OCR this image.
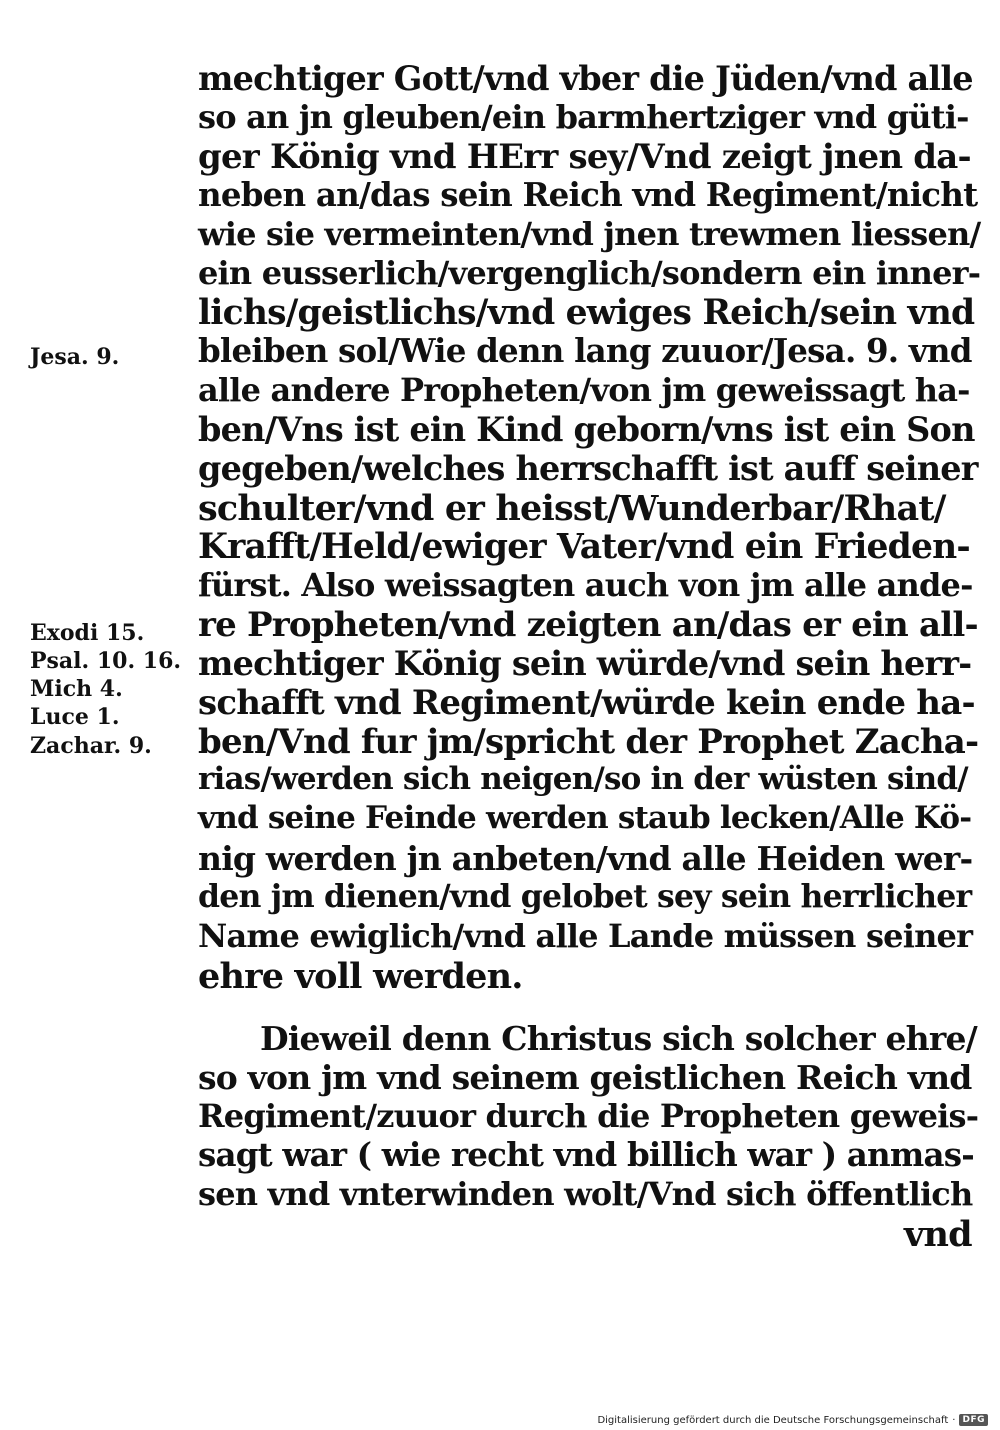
Jesa. 9.
Exodi 15.
Psal. 10. 16.
Mich 4.
Luce 1.
Zachar. 9.
mechtiger Gott/vnd vber die Jüden/vnd alle
so an jn gleuben/ein barmhertziger vnd güti-
ger König vnd HErr sey/Vnd zeigt jnen da-
neben an/das sein Reich vnd Regiment/nicht
wie sie vermeinten/vnd jnen trewmen liessen/
ein eusserlich/vergenglich/sondern ein inner-
lichs/geistlichs/vnd ewiges Reich/sein vnd
bleiben sol/Wie denn lang zuuor/Jesa. 9. vnd
alle andere Propheten/von jm geweissagt ha-
ben/Vns ist ein Kind geborn/vns ist ein Son
gegeben/welches herrschafft ist auff seiner
schulter/vnd er heisst/Wunderbar/Rhat/
Krafft/Held/ewiger Vater/vnd ein Frieden-
fürst. Also weissagten auch von jm alle ande-
re Propheten/vnd zeigten an/das er ein all-
mechtiger König sein würde/vnd sein herr-
schafft vnd Regiment/würde kein ende ha-
ben/Vnd fur jm/spricht der Prophet Zacha-
rias/werden sich neigen/so in der wüsten sind/
vnd seine Feinde werden staub lecken/Alle Kö-
nig werden jn anbeten/vnd alle Heiden wer-
den jm dienen/vnd gelobet sey sein herrlicher
Name ewiglich/vnd alle Lande müssen seiner
ehre voll werden.
Dieweil denn Christus sich solcher ehre/
so von jm vnd seinem geistlichen Reich vnd
Regiment/zuuor durch die Propheten geweis-
sagt war ( wie recht vnd billich war ) anmas-
sen vnd vnterwinden wolt/Vnd sich öffentlich
vnd
Digitalisierung gefördert durch die Deutsche Forschungsgemeinschaft · DFG
